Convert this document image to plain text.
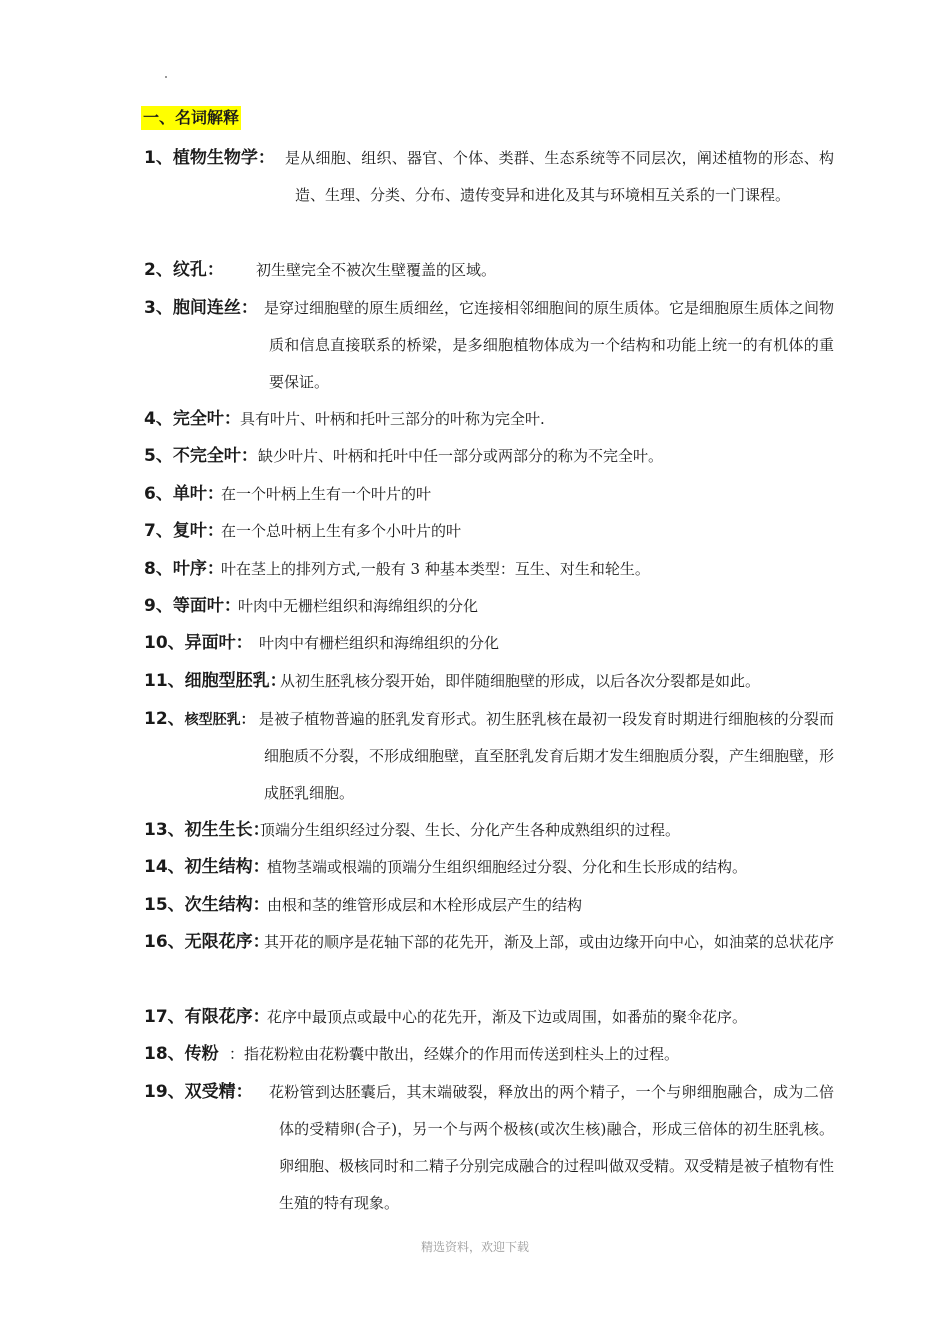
一、名词解释
1、植物生物学： 是从细胞、组织、器官、个体、类群、生态系统等不同层次，阐述植物的形态、构造、生理、分类、分布、遗传变异和进化及其与环境相互关系的一门课程。
2、纹孔： 初生壁完全不被次生壁覆盖的区域。
3、胞间连丝： 是穿过细胞壁的原生质细丝，它连接相邻细胞间的原生质体。它是细胞原生质体之间物质和信息直接联系的桥梁，是多细胞植物体成为一个结构和功能上统一的有机体的重要保证。
4、完全叶： 具有叶片、叶柄和托叶三部分的叶称为完全叶.
5、不完全叶： 缺少叶片、叶柄和托叶中任一部分或两部分的称为不完全叶。
6、单叶：
在一个叶柄上生有一个叶片的叶
7、复叶：
在一个总叶柄上生有多个小叶片的叶
8、叶序：
叶在茎上的排列方式,一般有 3 种基本类型：互生、对生和轮生。
9、等面叶：
叶肉中无栅栏组织和海绵组织的分化
10、异面叶： 叶肉中有栅栏组织和海绵组织的分化
11、细胞型胚乳：
从初生胚乳核分裂开始，即伴随细胞壁的形成，以后各次分裂都是如此。
12、核型胚乳： 是被子植物普遍的胚乳发育形式。初生胚乳核在最初一段发育时期进行细胞核的分裂而细胞质不分裂，不形成细胞壁，直至胚乳发育后期才发生细胞质分裂，产生细胞壁，形成胚乳细胞。
13、初生生长：
顶端分生组织经过分裂、生长、分化产生各种成熟组织的过程。
14、初生结构：
植物茎端或根端的顶端分生组织细胞经过分裂、分化和生长形成的结构。
15、次生结构：
由根和茎的维管形成层和木栓形成层产生的结构
16、无限花序：
其开花的顺序是花轴下部的花先开，渐及上部，或由边缘开向中心，如油菜的总状花序
17、有限花序：
花序中最顶点或最中心的花先开，渐及下边或周围，如番茄的聚伞花序。
18、传粉 ：指花粉粒由花粉囊中散出，经媒介的作用而传送到柱头上的过程。
19、双受精： 花粉管到达胚囊后，其末端破裂，释放出的两个精子，一个与卵细胞融合，成为二倍体的受精卵(合子)，另一个与两个极核(或次生核)融合，形成三倍体的初生胚乳核。卵细胞、极核同时和二精子分别完成融合的过程叫做双受精。双受精是被子植物有性生殖的特有现象。
精选资料，欢迎下载
